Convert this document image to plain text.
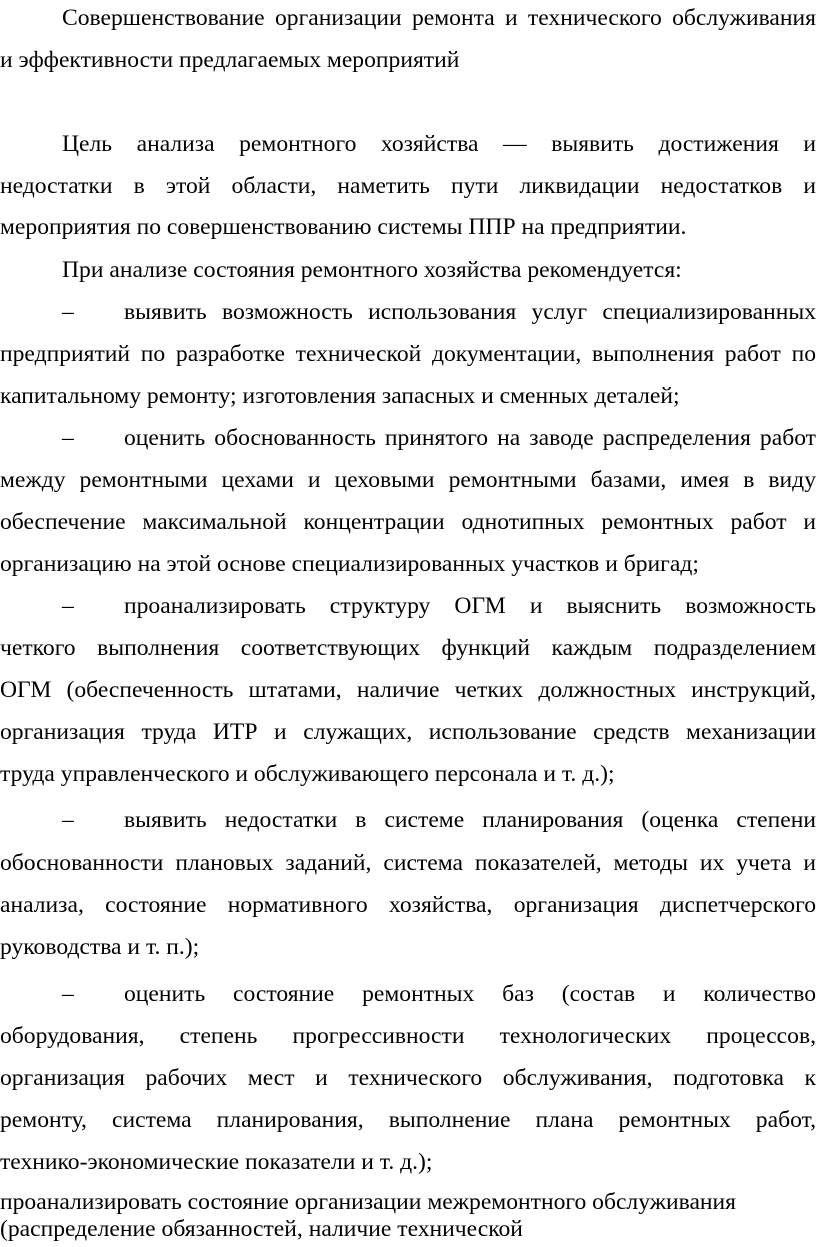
Совершенствование организации ремонта и технического обслуживания
и эффективности предлагаемых мероприятий
Цель анализа ремонтного хозяйства — выявить достижения и
недостатки в этой области, наметить пути ликвидации недостатков и
мероприятия по совершенствованию системы ППР на предприятии.
При анализе состояния ремонтного хозяйства рекомендуется:
–	выявить возможность использования услуг специализированных
предприятий по разработке технической документации, выполнения работ по
капитальному ремонту; изготовления запасных и сменных деталей;
–	оценить обоснованность принятого на заводе распределения работ
между ремонтными цехами и цеховыми ремонтными базами, имея в виду
обеспечение максимальной концентрации однотипных ремонтных работ и
организацию на этой основе специализированных участков и бригад;
–	проанализировать структуру ОГМ и выяснить возможность
четкого выполнения соответствующих функций каждым подразделением
ОГМ (обеспеченность штатами, наличие четких должностных инструкций,
организация труда ИТР и служащих, использование средств механизации
труда управленческого и обслуживающего персонала и т. д.);
–	выявить недостатки в системе планирования (оценка степени
обоснованности плановых заданий, система показателей, методы их учета и
анализа, состояние нормативного хозяйства, организация диспетчерского
руководства и т. п.);
–	оценить состояние ремонтных баз (состав и количество
оборудования, степень прогрессивности технологических процессов,
организация рабочих мест и технического обслуживания, подготовка к
ремонту, система планирования, выполнение плана ремонтных работ,
технико-экономические показатели и т. д.);
проанализировать состояние организации межремонтного обслуживания
(распределение обязанностей, наличие технической
